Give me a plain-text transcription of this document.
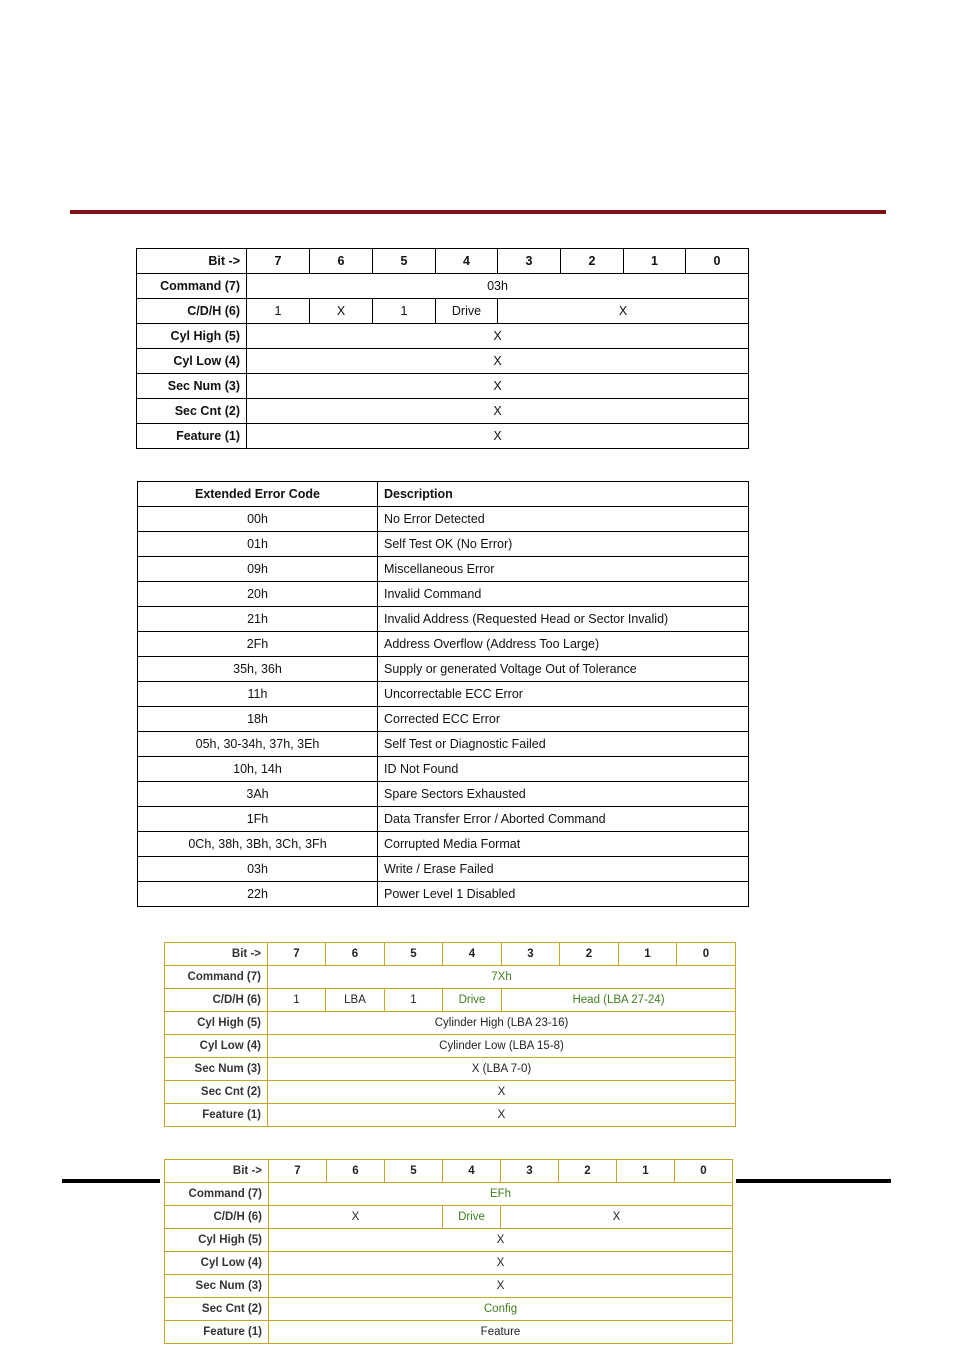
Bit ->	7	6	5	4	3	2	1	0
Command (7)	03h							
C/D/H (6)	1	X	1	Drive	X			
Cyl High (5)	X							
Cyl Low (4)	X							
Sec Num (3)	X							
Sec Cnt (2)	X							
Feature (1)	X							
Extended Error Code	Description
00h	No Error Detected
01h	Self Test OK (No Error)
09h	Miscellaneous Error
20h	Invalid Command
21h	Invalid Address (Requested Head or Sector Invalid)
2Fh	Address Overflow (Address Too Large)
35h, 36h	Supply or generated Voltage Out of Tolerance
11h	Uncorrectable ECC Error
18h	Corrected ECC Error
05h, 30-34h, 37h, 3Eh	Self Test or Diagnostic Failed
10h, 14h	ID Not Found
3Ah	Spare Sectors Exhausted
1Fh	Data Transfer Error / Aborted Command
0Ch, 38h, 3Bh, 3Ch, 3Fh	Corrupted Media Format
03h	Write / Erase Failed
22h	Power Level 1 Disabled
Bit ->	7	6	5	4	3	2	1	0
Command (7)	7Xh							
C/D/H (6)	1	LBA	1	Drive	Head (LBA 27-24)			
Cyl High (5)	Cylinder High (LBA 23-16)							
Cyl Low (4)	Cylinder Low (LBA 15-8)							
Sec Num (3)	X (LBA 7-0)							
Sec Cnt (2)	X							
Feature (1)	X							
Bit ->	7	6	5	4	3	2	1	0
Command (7)	EFh							
C/D/H (6)	X			Drive	X			
Cyl High (5)	X							
Cyl Low (4)	X							
Sec Num (3)	X							
Sec Cnt (2)	Config							
Feature (1)	Feature							
